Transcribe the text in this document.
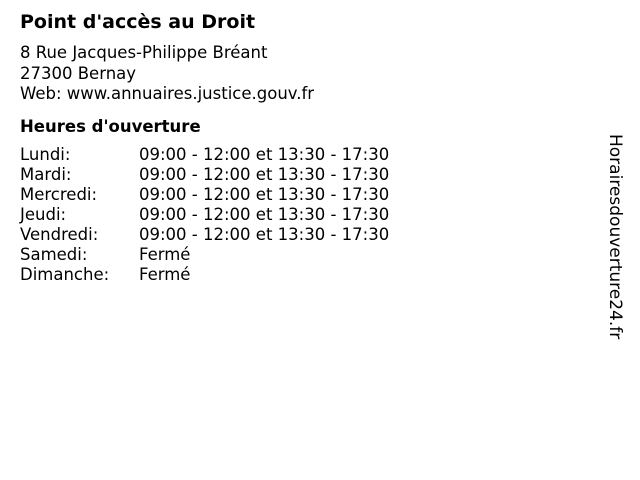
Point d'accès au Droit
8 Rue Jacques-Philippe Bréant
27300 Bernay
Web: www.annuaires.justice.gouv.fr
Heures d'ouverture
Lundi:	09:00 - 12:00 et 13:30 - 17:30
Mardi:	09:00 - 12:00 et 13:30 - 17:30
Mercredi:	09:00 - 12:00 et 13:30 - 17:30
Jeudi:	09:00 - 12:00 et 13:30 - 17:30
Vendredi:	09:00 - 12:00 et 13:30 - 17:30
Samedi:	Fermé
Dimanche:	Fermé	Horairesdouverture24.fr
